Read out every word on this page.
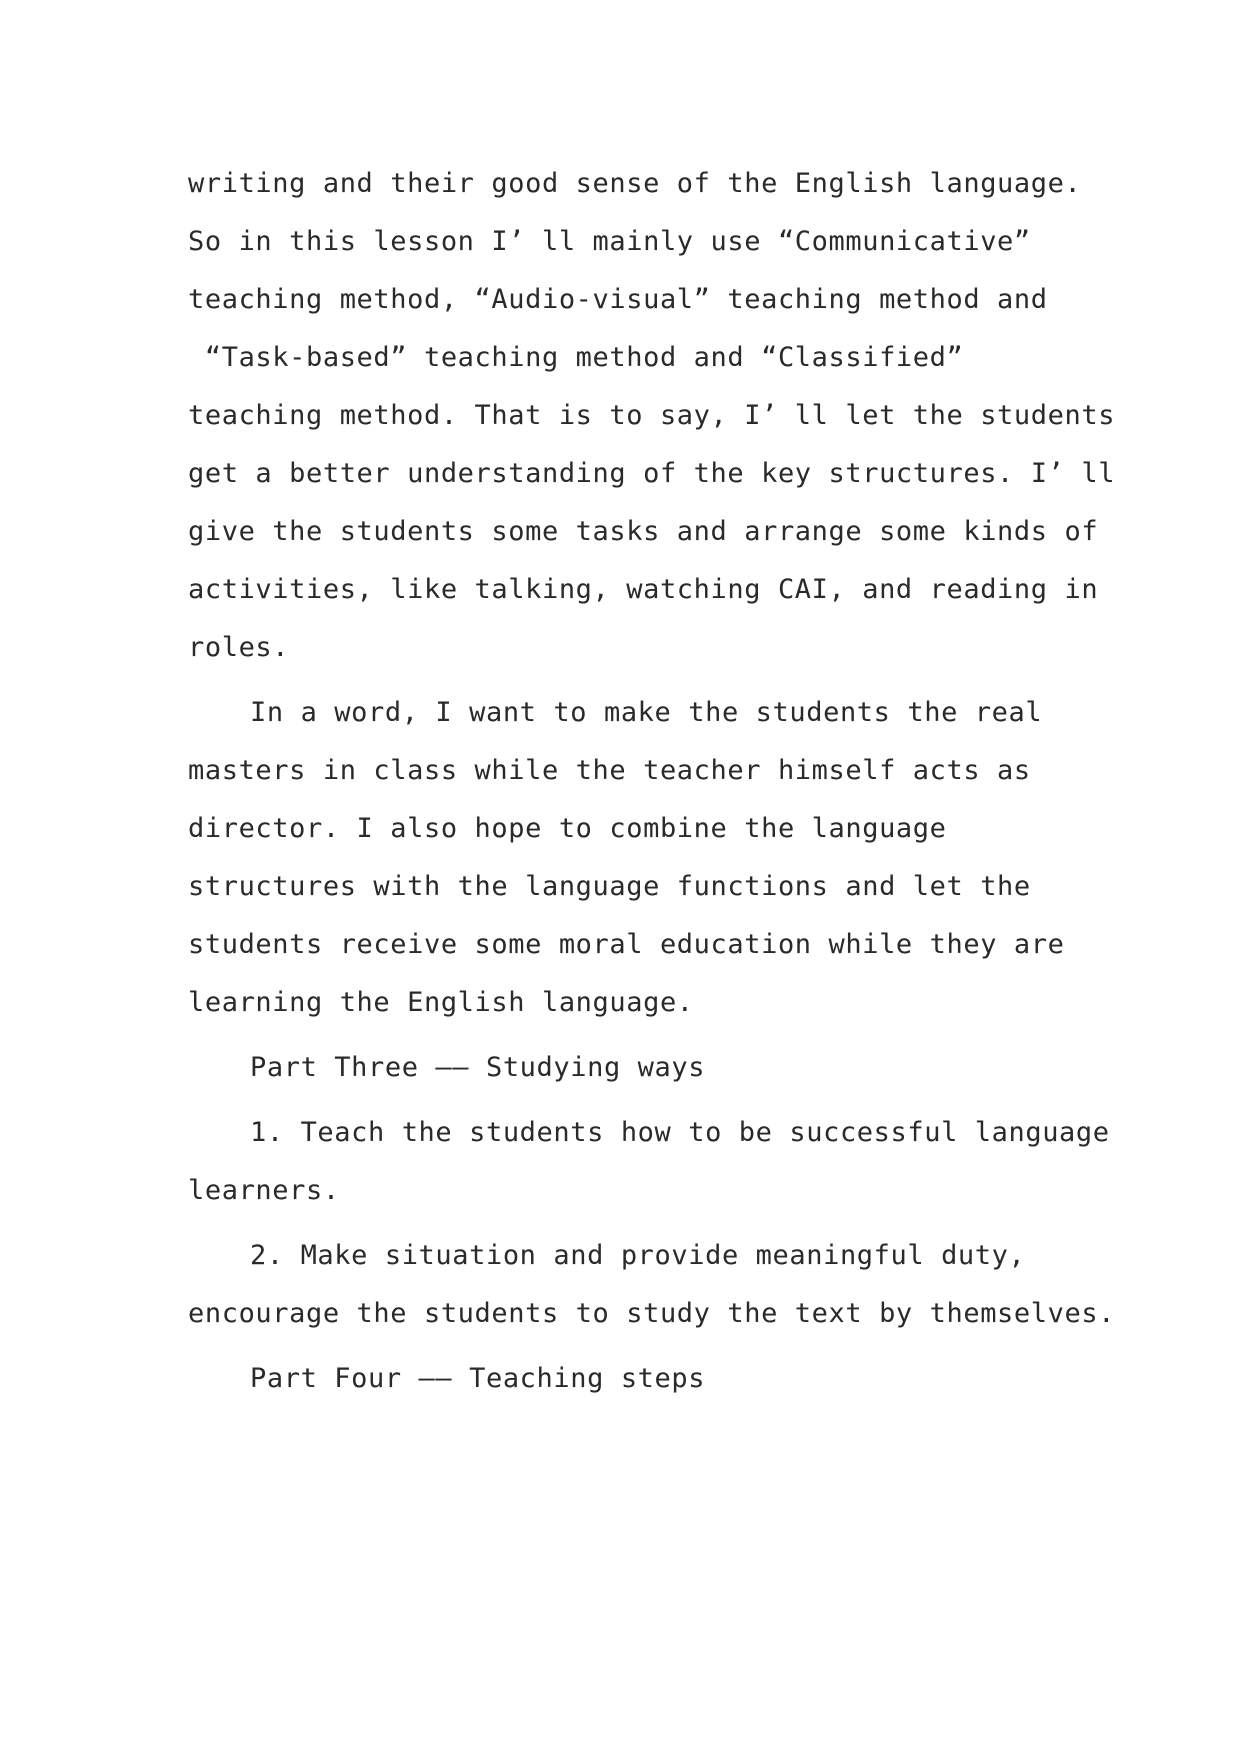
writing and their good sense of the English language.
So in this lesson I’ ll mainly use “Communicative”
teaching method, “Audio-visual” teaching method and
“Task-based” teaching method and “Classified”
teaching method. That is to say, I’ ll let the students
get a better understanding of the key structures. I’ ll
give the students some tasks and arrange some kinds of
activities, like talking, watching CAI, and reading in
roles.
In a word, I want to make the students the real
masters in class while the teacher himself acts as
director. I also hope to combine the language
structures with the language functions and let the
students receive some moral education while they are
learning the English language.
Part Three —— Studying ways
1. Teach the students how to be successful language
learners.
2. Make situation and provide meaningful duty,
encourage the students to study the text by themselves.
Part Four —— Teaching steps
